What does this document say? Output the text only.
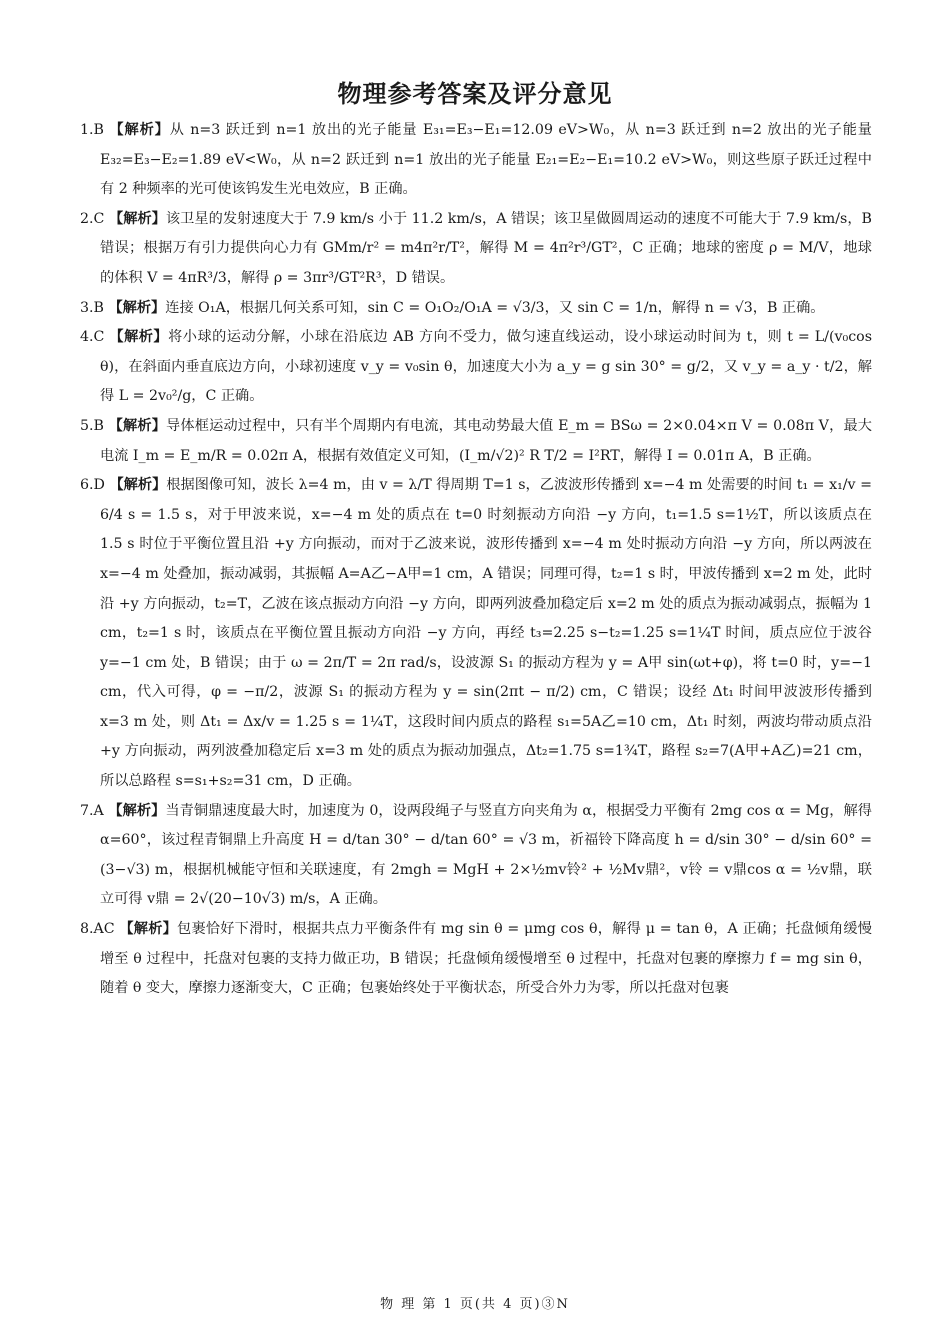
物理参考答案及评分意见

1.B 【解析】从 n=3 跃迁到 n=1 放出的光子能量 E₃₁=E₃−E₁=12.09 eV>W₀，从 n=3 跃迁到 n=2 放出的光子能量 E₃₂=E₃−E₂=1.89 eV<W₀，从 n=2 跃迁到 n=1 放出的光子能量 E₂₁=E₂−E₁=10.2 eV>W₀，则这些原子跃迁过程中有 2 种频率的光可使该钨发生光电效应，B 正确。

2.C 【解析】该卫星的发射速度大于 7.9 km/s 小于 11.2 km/s，A 错误；该卫星做圆周运动的速度不可能大于 7.9 km/s，B 错误；根据万有引力提供向心力有 GMm/r² = m4π²r/T²，解得 M = 4π²r³/GT²，C 正确；地球的密度 ρ = M/V，地球的体积 V = 4πR³/3，解得 ρ = 3πr³/GT²R³，D 错误。

3.B 【解析】连接 O₁A，根据几何关系可知，sin C = O₁O₂/O₁A = √3/3，又 sin C = 1/n，解得 n = √3，B 正确。

4.C 【解析】将小球的运动分解，小球在沿底边 AB 方向不受力，做匀速直线运动，设小球运动时间为 t，则 t = L/(v₀cos θ)，在斜面内垂直底边方向，小球初速度 v_y = v₀sin θ，加速度大小为 a_y = g sin 30° = g/2，又 v_y = a_y · t/2，解得 L = 2v₀²/g，C 正确。

5.B 【解析】导体框运动过程中，只有半个周期内有电流，其电动势最大值 E_m = BSω = 2×0.04×π V = 0.08π V，最大电流 I_m = E_m/R = 0.02π A，根据有效值定义可知，(I_m/√2)² R T/2 = I²RT，解得 I = 0.01π A，B 正确。

6.D 【解析】根据图像可知，波长 λ=4 m，由 v = λ/T 得周期 T=1 s，乙波波形传播到 x=−4 m 处需要的时间 t₁ = x₁/v = 6/4 s = 1.5 s，对于甲波来说，x=−4 m 处的质点在 t=0 时刻振动方向沿 −y 方向，t₁=1.5 s=1½T，所以该质点在 1.5 s 时位于平衡位置且沿 +y 方向振动，而对于乙波来说，波形传播到 x=−4 m 处时振动方向沿 −y 方向，所以两波在 x=−4 m 处叠加，振动减弱，其振幅 A=A乙−A甲=1 cm，A 错误；同理可得，t₂=1 s 时，甲波传播到 x=2 m 处，此时沿 +y 方向振动，t₂=T，乙波在该点振动方向沿 −y 方向，即两列波叠加稳定后 x=2 m 处的质点为振动减弱点，振幅为 1 cm，t₂=1 s 时，该质点在平衡位置且振动方向沿 −y 方向，再经 t₃=2.25 s−t₂=1.25 s=1¼T 时间，质点应位于波谷 y=−1 cm 处，B 错误；由于 ω = 2π/T = 2π rad/s，设波源 S₁ 的振动方程为 y = A甲 sin(ωt+φ)，将 t=0 时，y=−1 cm，代入可得，φ = −π/2，波源 S₁ 的振动方程为 y = sin(2πt − π/2) cm，C 错误；设经 Δt₁ 时间甲波波形传播到 x=3 m 处，则 Δt₁ = Δx/v = 1.25 s = 1¼T，这段时间内质点的路程 s₁=5A乙=10 cm，Δt₁ 时刻，两波均带动质点沿 +y 方向振动，两列波叠加稳定后 x=3 m 处的质点为振动加强点，Δt₂=1.75 s=1¾T，路程 s₂=7(A甲+A乙)=21 cm，所以总路程 s=s₁+s₂=31 cm，D 正确。

7.A 【解析】当青铜鼎速度最大时，加速度为 0，设两段绳子与竖直方向夹角为 α，根据受力平衡有 2mg cos α = Mg，解得 α=60°，该过程青铜鼎上升高度 H = d/tan 30° − d/tan 60° = √3 m，祈福铃下降高度 h = d/sin 30° − d/sin 60° = (3−√3) m，根据机械能守恒和关联速度，有 2mgh = MgH + 2×½mv铃² + ½Mv鼎²，v铃 = v鼎cos α = ½v鼎，联立可得 v鼎 = 2√(20−10√3) m/s，A 正确。

8.AC 【解析】包裹恰好下滑时，根据共点力平衡条件有 mg sin θ = μmg cos θ，解得 μ = tan θ，A 正确；托盘倾角缓慢增至 θ 过程中，托盘对包裹的支持力做正功，B 错误；托盘倾角缓慢增至 θ 过程中，托盘对包裹的摩擦力 f = mg sin θ，随着 θ 变大，摩擦力逐渐变大，C 正确；包裹始终处于平衡状态，所受合外力为零，所以托盘对包裹

物 理 第 1 页(共 4 页)③N
